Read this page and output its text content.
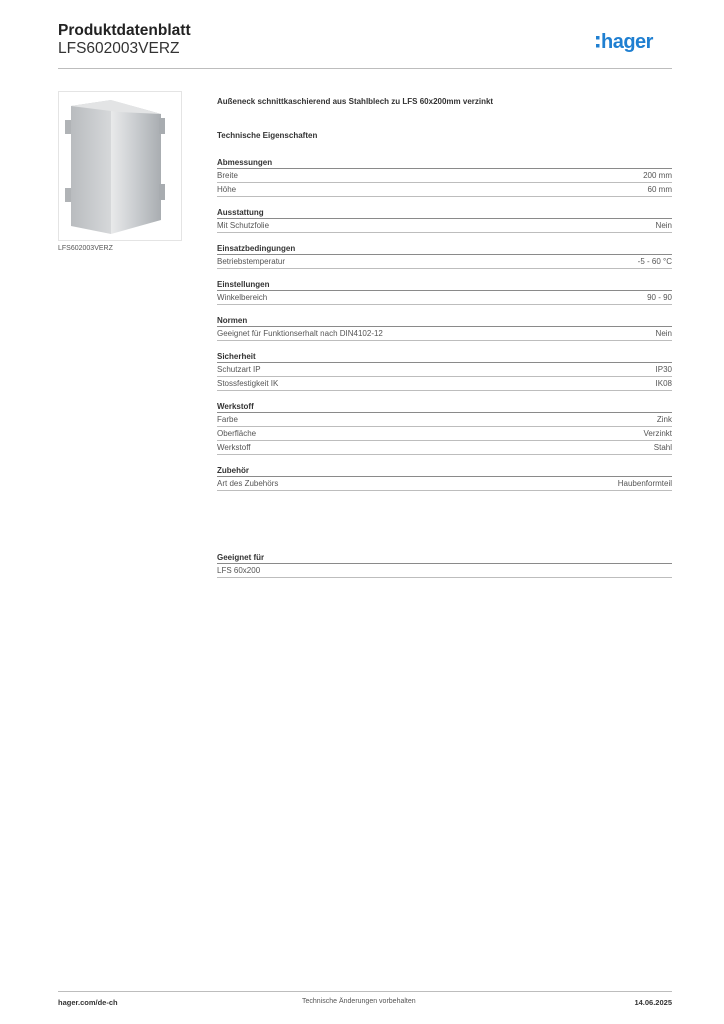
Produktdatenblatt
LFS602003VERZ	hager
LFS602003VERZ
Außeneck schnittkaschierend aus Stahlblech zu LFS 60x200mm verzinkt
Technische Eigenschaften
Abmessungen
Breite	200 mm
Höhe	60 mm
Ausstattung
Mit Schutzfolie	Nein
Einsatzbedingungen
Betriebstemperatur	-5 - 60 °C
Einstellungen
Winkelbereich	90 - 90
Normen
Geeignet für Funktionserhalt nach DIN4102-12	Nein
Sicherheit
Schutzart IP	IP30
Stossfestigkeit IK	IK08
Werkstoff
Farbe	Zink
Oberfläche	Verzinkt
Werkstoff	Stahl
Zubehör
Art des Zubehörs	Haubenformteil
Geeignet für
LFS 60x200
hager.com/de-ch	Technische Änderungen vorbehalten	14.06.2025
